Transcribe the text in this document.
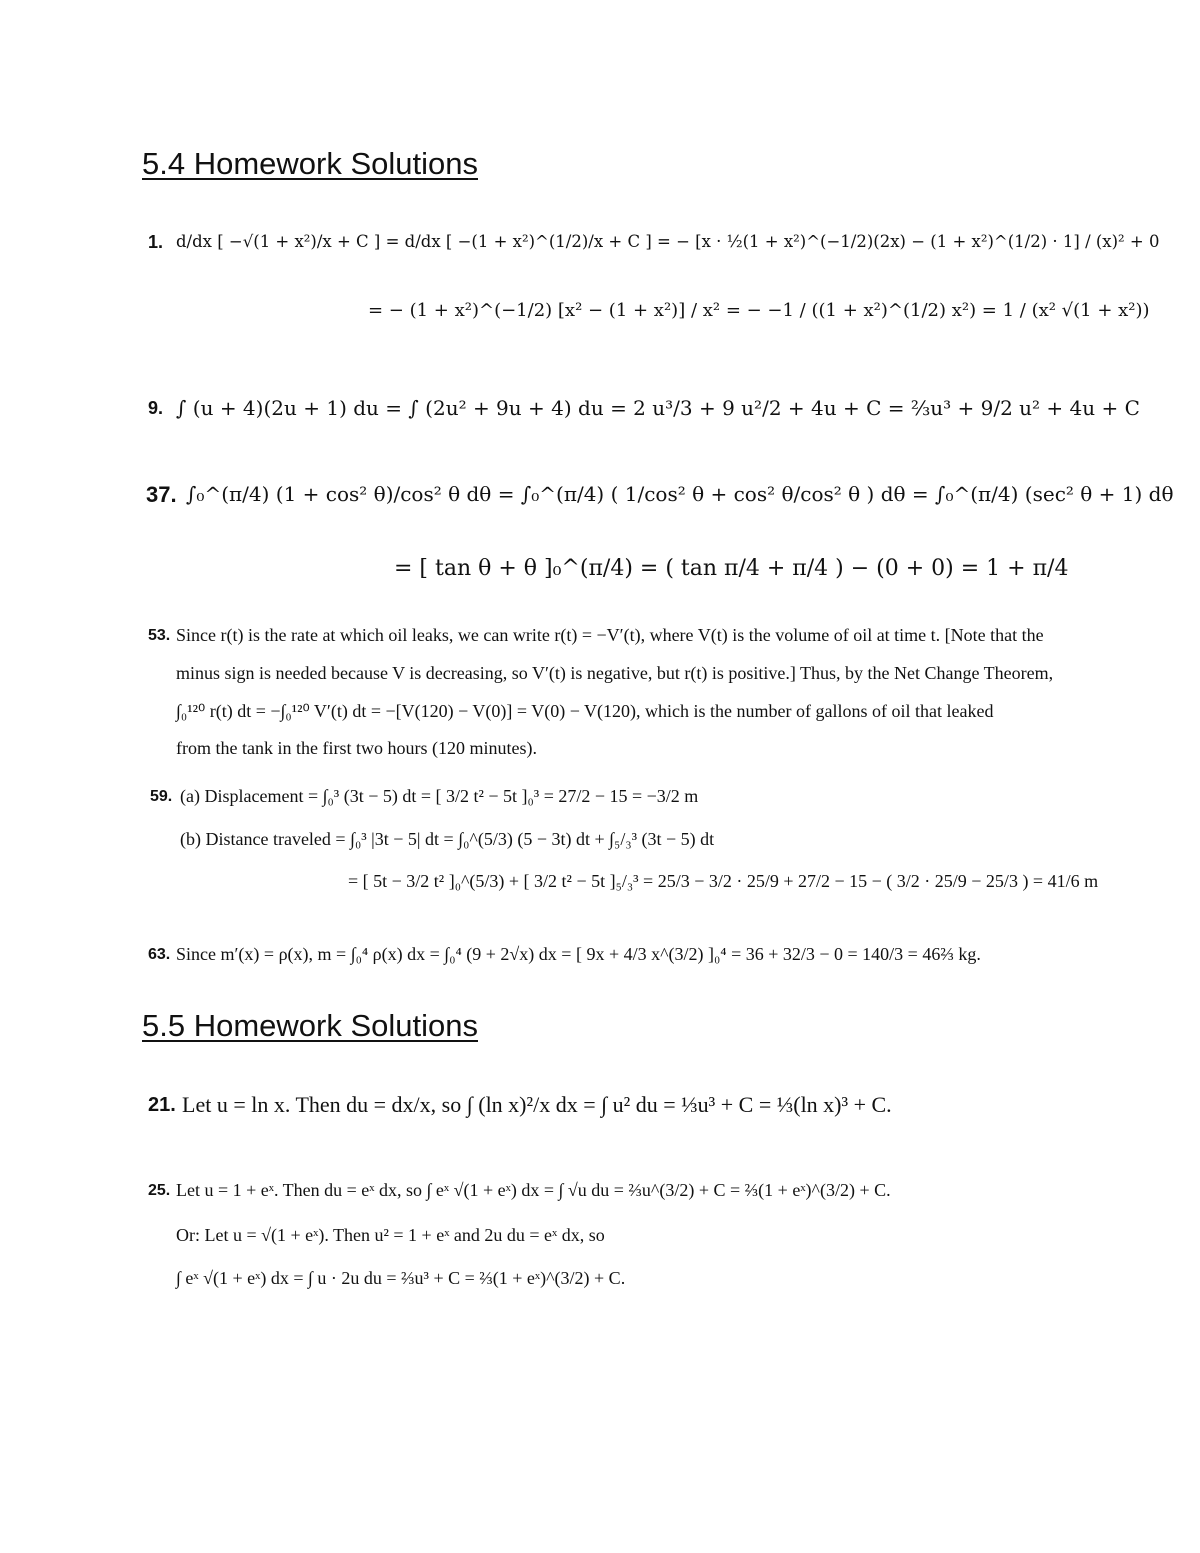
5.4 Homework Solutions
1. d/dx [ −√(1 + x²)/x + C ] = d/dx [ −(1 + x²)^(1/2)/x + C ] = − [x · ½(1 + x²)^(−1/2)(2x) − (1 + x²)^(1/2) · 1] / (x)² + 0
= − (1 + x²)^(−1/2) [x² − (1 + x²)] / x² = − −1 / ((1 + x²)^(1/2) x²) = 1 / (x² √(1 + x²))
9. ∫ (u + 4)(2u + 1) du = ∫ (2u² + 9u + 4) du = 2 u³/3 + 9 u²/2 + 4u + C = ⅔u³ + 9/2 u² + 4u + C
37. ∫₀^(π/4) (1 + cos² θ)/cos² θ dθ = ∫₀^(π/4) ( 1/cos² θ + cos² θ/cos² θ ) dθ = ∫₀^(π/4) (sec² θ + 1) dθ
= [ tan θ + θ ]₀^(π/4) = ( tan π/4 + π/4 ) − (0 + 0) = 1 + π/4
53. Since r(t) is the rate at which oil leaks, we can write r(t) = −V′(t), where V(t) is the volume of oil at time t. [Note that the
minus sign is needed because V is decreasing, so V′(t) is negative, but r(t) is positive.] Thus, by the Net Change Theorem,
∫₀¹²⁰ r(t) dt = −∫₀¹²⁰ V′(t) dt = −[V(120) − V(0)] = V(0) − V(120), which is the number of gallons of oil that leaked
from the tank in the first two hours (120 minutes).
59. (a) Displacement = ∫₀³ (3t − 5) dt = [ 3/2 t² − 5t ]₀³ = 27/2 − 15 = −3/2 m
(b) Distance traveled = ∫₀³ |3t − 5| dt = ∫₀^(5/3) (5 − 3t) dt + ∫₅/₃³ (3t − 5) dt
= [ 5t − 3/2 t² ]₀^(5/3) + [ 3/2 t² − 5t ]₅/₃³ = 25/3 − 3/2 · 25/9 + 27/2 − 15 − ( 3/2 · 25/9 − 25/3 ) = 41/6 m
63. Since m′(x) = ρ(x), m = ∫₀⁴ ρ(x) dx = ∫₀⁴ (9 + 2√x) dx = [ 9x + 4/3 x^(3/2) ]₀⁴ = 36 + 32/3 − 0 = 140/3 = 46⅔ kg.
5.5 Homework Solutions
21. Let u = ln x. Then du = dx/x, so ∫ (ln x)²/x dx = ∫ u² du = ⅓u³ + C = ⅓(ln x)³ + C.
25. Let u = 1 + eˣ. Then du = eˣ dx, so ∫ eˣ √(1 + eˣ) dx = ∫ √u du = ⅔u^(3/2) + C = ⅔(1 + eˣ)^(3/2) + C.
Or: Let u = √(1 + eˣ). Then u² = 1 + eˣ and 2u du = eˣ dx, so
∫ eˣ √(1 + eˣ) dx = ∫ u · 2u du = ⅔u³ + C = ⅔(1 + eˣ)^(3/2) + C.
